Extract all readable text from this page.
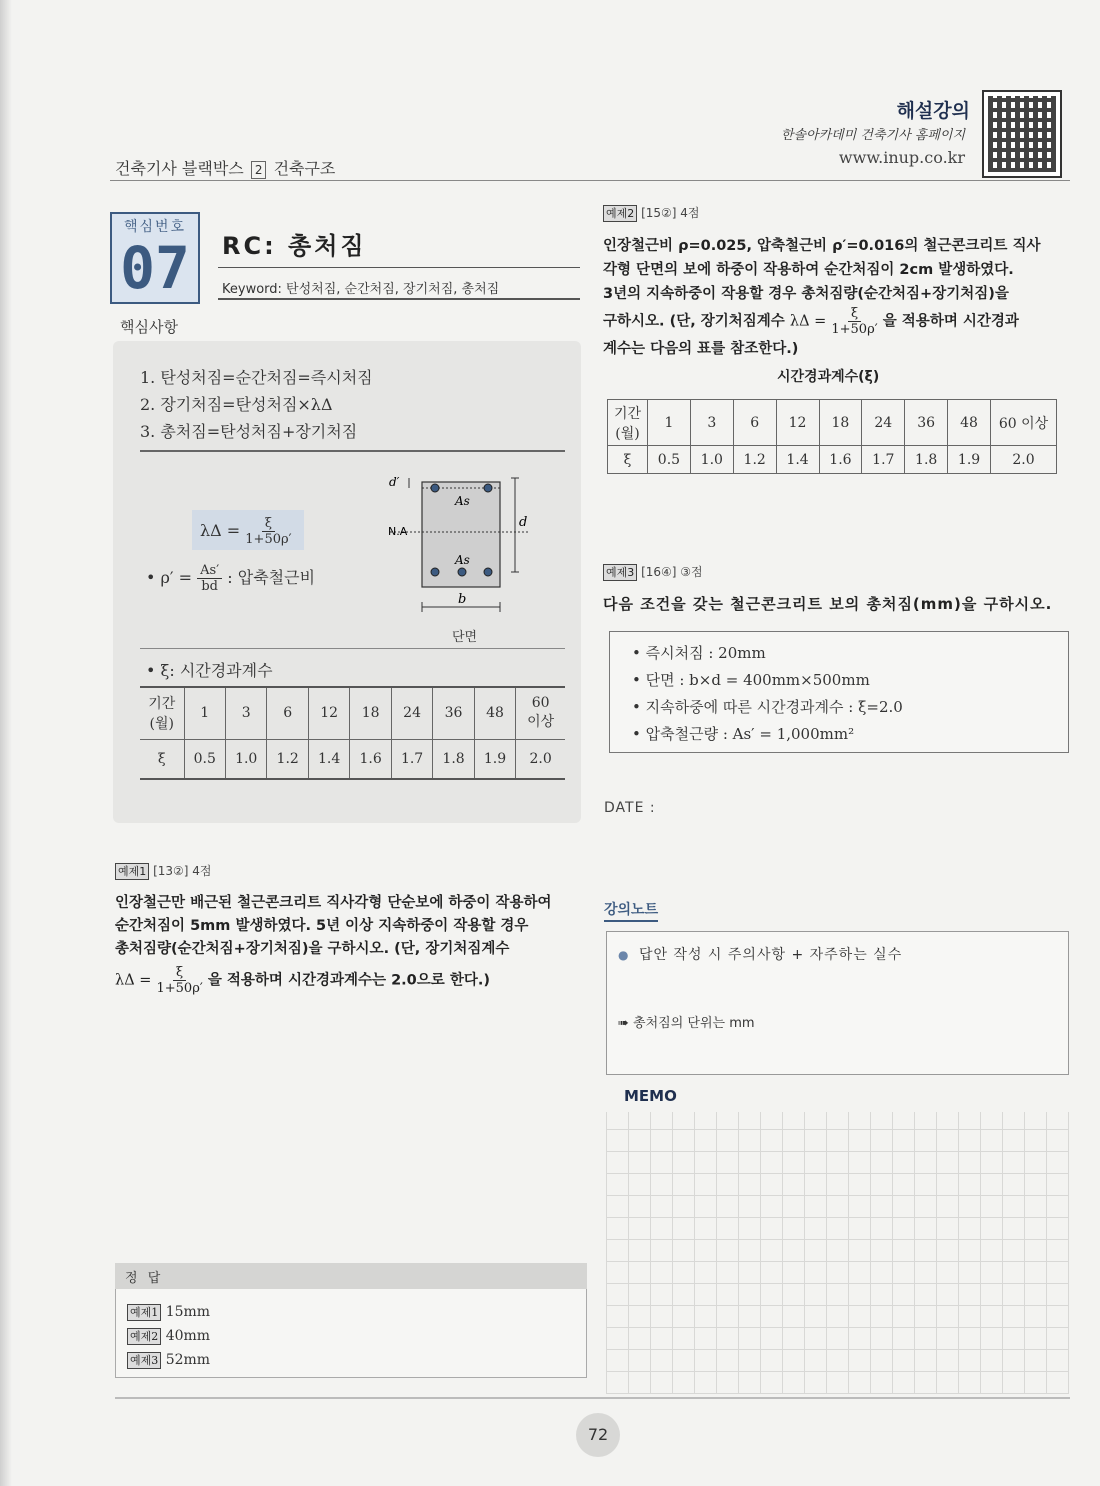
건축기사 블랙박스 2 건축구조
해설강의
한솔아카데미 건축기사 홈페이지
www.inup.co.kr
핵심번호
07	RC: 총처짐
Keyword: 탄성처짐, 순간처짐, 장기처짐, 총처짐
핵심사항
1. 탄성처짐=순간처짐=즉시처짐
2. 장기처짐=탄성처짐×λΔ
3. 총처짐=탄성처짐+장기처짐
$\lambda\Delta = \frac{\xi}{1+50\rho'}$
• $\rho' = \frac{As'}{bd}$ : 압축철근비
d′
As
N.A
d
As
b
단면
• ξ: 시간경과계수
기간
(월)	1	3	6	12	18	24	36	48	60
이상
ξ	0.5	1.0	1.2	1.4	1.6	1.7	1.8	1.9	2.0
예제1 [13②] 4점
인장철근만 배근된 철근콘크리트 직사각형 단순보에 하중이 작용하여
순간처짐이 5mm 발생하였다. 5년 이상 지속하중이 작용할 경우
총처짐량(순간처짐+장기처짐)을 구하시오. (단, 장기처짐계수
$\lambda\Delta = \frac{\xi}{1+50\rho'}$ 을 적용하며 시간경과계수는 2.0으로 한다.)
정 답
예제1 15mm
예제2 40mm
예제3 52mm
예제2 [15②] 4점
인장철근비 ρ=0.025, 압축철근비 ρ′=0.016의 철근콘크리트 직사
각형 단면의 보에 하중이 작용하여 순간처짐이 2cm 발생하였다.
3년의 지속하중이 작용할 경우 총처짐량(순간처짐+장기처짐)을
구하시오. (단, 장기처짐계수 $\lambda\Delta = \frac{\xi}{1+50\rho'}$ 을 적용하며 시간경과
계수는 다음의 표를 참조한다.)
시간경과계수(ξ)
기간
(월)	1	3	6	12	18	24	36	48	60 이상
ξ	0.5	1.0	1.2	1.4	1.6	1.7	1.8	1.9	2.0
예제3 [16④] ③점
다음 조건을 갖는 철근콘크리트 보의 총처짐(mm)을 구하시오.
• 즉시처짐 : 20mm
• 단면 : b×d = 400mm×500mm
• 지속하중에 따른 시간경과계수 : ξ=2.0
• 압축철근량 : As′ = 1,000mm²
DATE :
강의노트
● 답안 작성 시 주의사항 + 자주하는 실수
➠ 총처짐의 단위는 mm
MEMO
72
